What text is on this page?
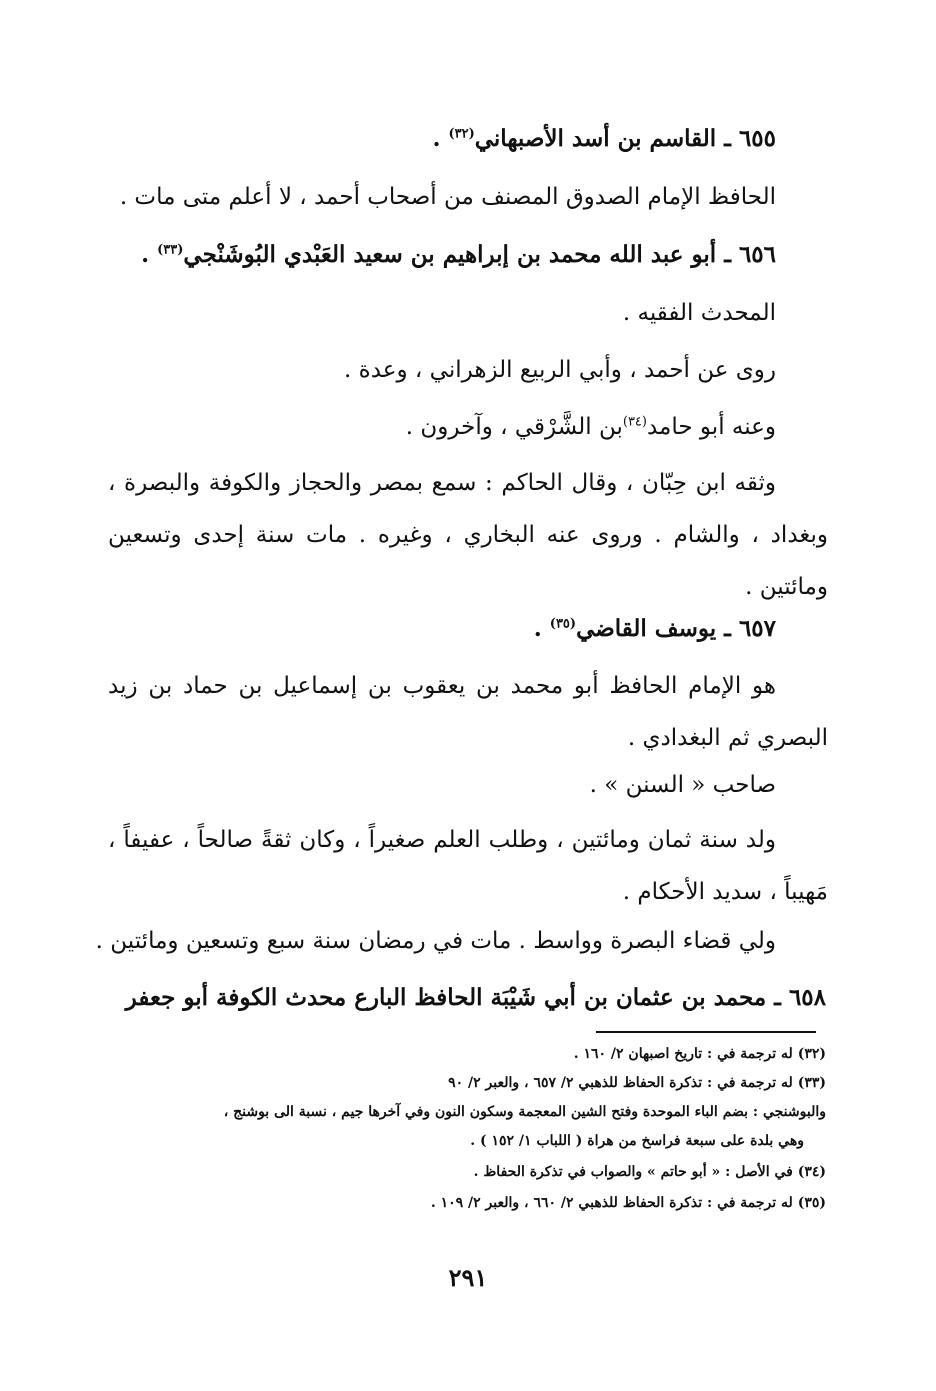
٦٥٥ ـ القاسم بن أسد الأصبهاني$^{(٣٢)}$ .
الحافظ الإمام الصدوق المصنف من أصحاب أحمد ، لا أعلم متى مات .
٦٥٦ ـ أبو عبد الله محمد بن إبراهيم بن سعيد العَبْدي البُوشَنْجي$^{(٣٣)}$ .
المحدث الفقيه .
روى عن أحمد ، وأبي الربيع الزهراني ، وعدة .
وعنه أبو حامد$^{(٣٤)}$بن الشَّرْقي ، وآخرون .
وثقه ابن حِبّان ، وقال الحاكم : سمع بمصر والحجاز والكوفة والبصرة ، وبغداد ، والشام . وروى عنه البخاري ، وغيره . مات سنة إحدى وتسعين ومائتين .
٦٥٧ ـ يوسف القاضي$^{(٣٥)}$ .
هو الإمام الحافظ أبو محمد بن يعقوب بن إسماعيل بن حماد بن زيد البصري ثم البغدادي .
صاحب « السنن » .
ولد سنة ثمان ومائتين ، وطلب العلم صغيراً ، وكان ثقةً صالحاً ، عفيفاً ، مَهيباً ، سديد الأحكام .
ولي قضاء البصرة وواسط . مات في رمضان سنة سبع وتسعين ومائتين .
٦٥٨ ـ محمد بن عثمان بن أبي شَيْبَة الحافظ البارع محدث الكوفة أبو جعفر
(٣٢) له ترجمة في : تاريخ اصبهان ٢/ ١٦٠ .
(٣٣) له ترجمة في : تذكرة الحفاظ للذهبي ٢/ ٦٥٧ ، والعبر ٢/ ٩٠
والبوشنجي : بضم الباء الموحدة وفتح الشين المعجمة وسكون النون وفي آخرها جيم ، نسبة الى بوشنج ،
وهي بلدة على سبعة فراسخ من هراة ( اللباب ١/ ١٥٢ ) .
(٣٤) في الأصل : « أبو حاتم » والصواب في تذكرة الحفاظ .
(٣٥) له ترجمة في : تذكرة الحفاظ للذهبي ٢/ ٦٦٠ ، والعبر ٢/ ١٠٩ .
٢٩١
